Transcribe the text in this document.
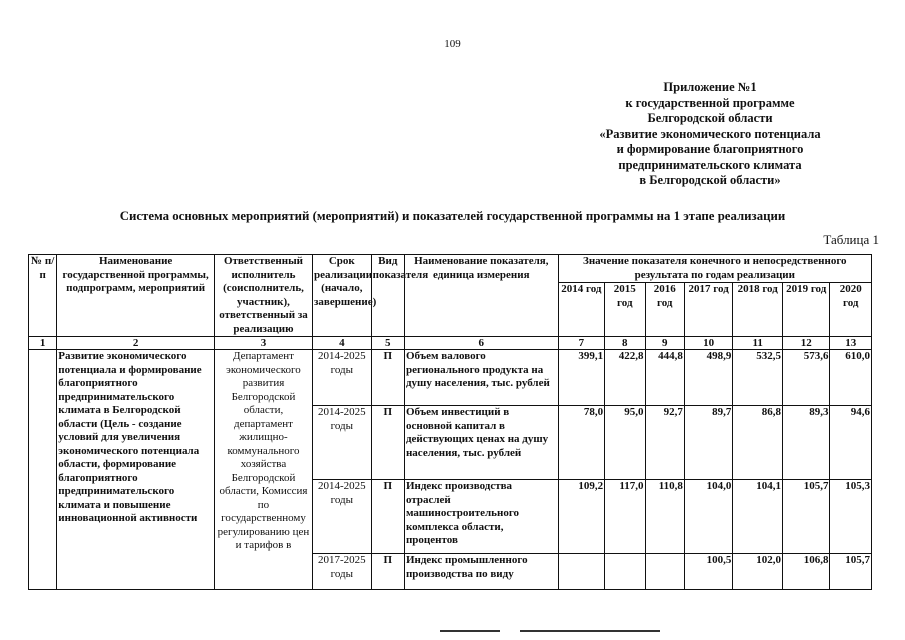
109
Приложение №1
к государственной программе
Белгородской области
«Развитие экономического потенциала
и формирование благоприятного
предпринимательского климата
в Белгородской области»
Система основных мероприятий (мероприятий) и показателей государственной программы на 1 этапе реализации
Таблица 1
№ п/п	Наименование государственной программы, подпрограмм, мероприятий	Ответственный исполнитель (соисполнитель, участник), ответственный за реализацию	Срок реализации (начало, завершение)	Вид показателя	Наименование показателя, единица измерения	Значение показателя конечного и непосредственного результата по годам реализации						
						2014 год	2015 год	2016 год	2017 год	2018 год	2019 год	2020 год
1	2	3	4	5	6	7	8	9	10	11	12	13
	Развитие экономического потенциала и формирование благоприятного предпринимательского климата в Белгородской области (Цель - создание условий для увеличения экономического потенциала области, формирование благоприятного предпринимательского климата и повышение инновационной активности	Департамент экономического развития Белгородской области, департамент жилищно-коммунального хозяйства Белгородской области, Комиссия по государственному регулированию цен и тарифов в	2014-2025 годы	П	Объем валового регионального продукта на душу населения, тыс. рублей	399,1	422,8	444,8	498,9	532,5	573,6	610,0
			2014-2025 годы	П	Объем инвестиций в основной капитал в действующих ценах на душу населения, тыс. рублей	78,0	95,0	92,7	89,7	86,8	89,3	94,6
			2014-2025 годы	П	Индекс производства отраслей машиностроительного комплекса области, процентов	109,2	117,0	110,8	104,0	104,1	105,7	105,3
			2017-2025 годы	П	Индекс промышленного производства по виду				100,5	102,0	106,8	105,7
